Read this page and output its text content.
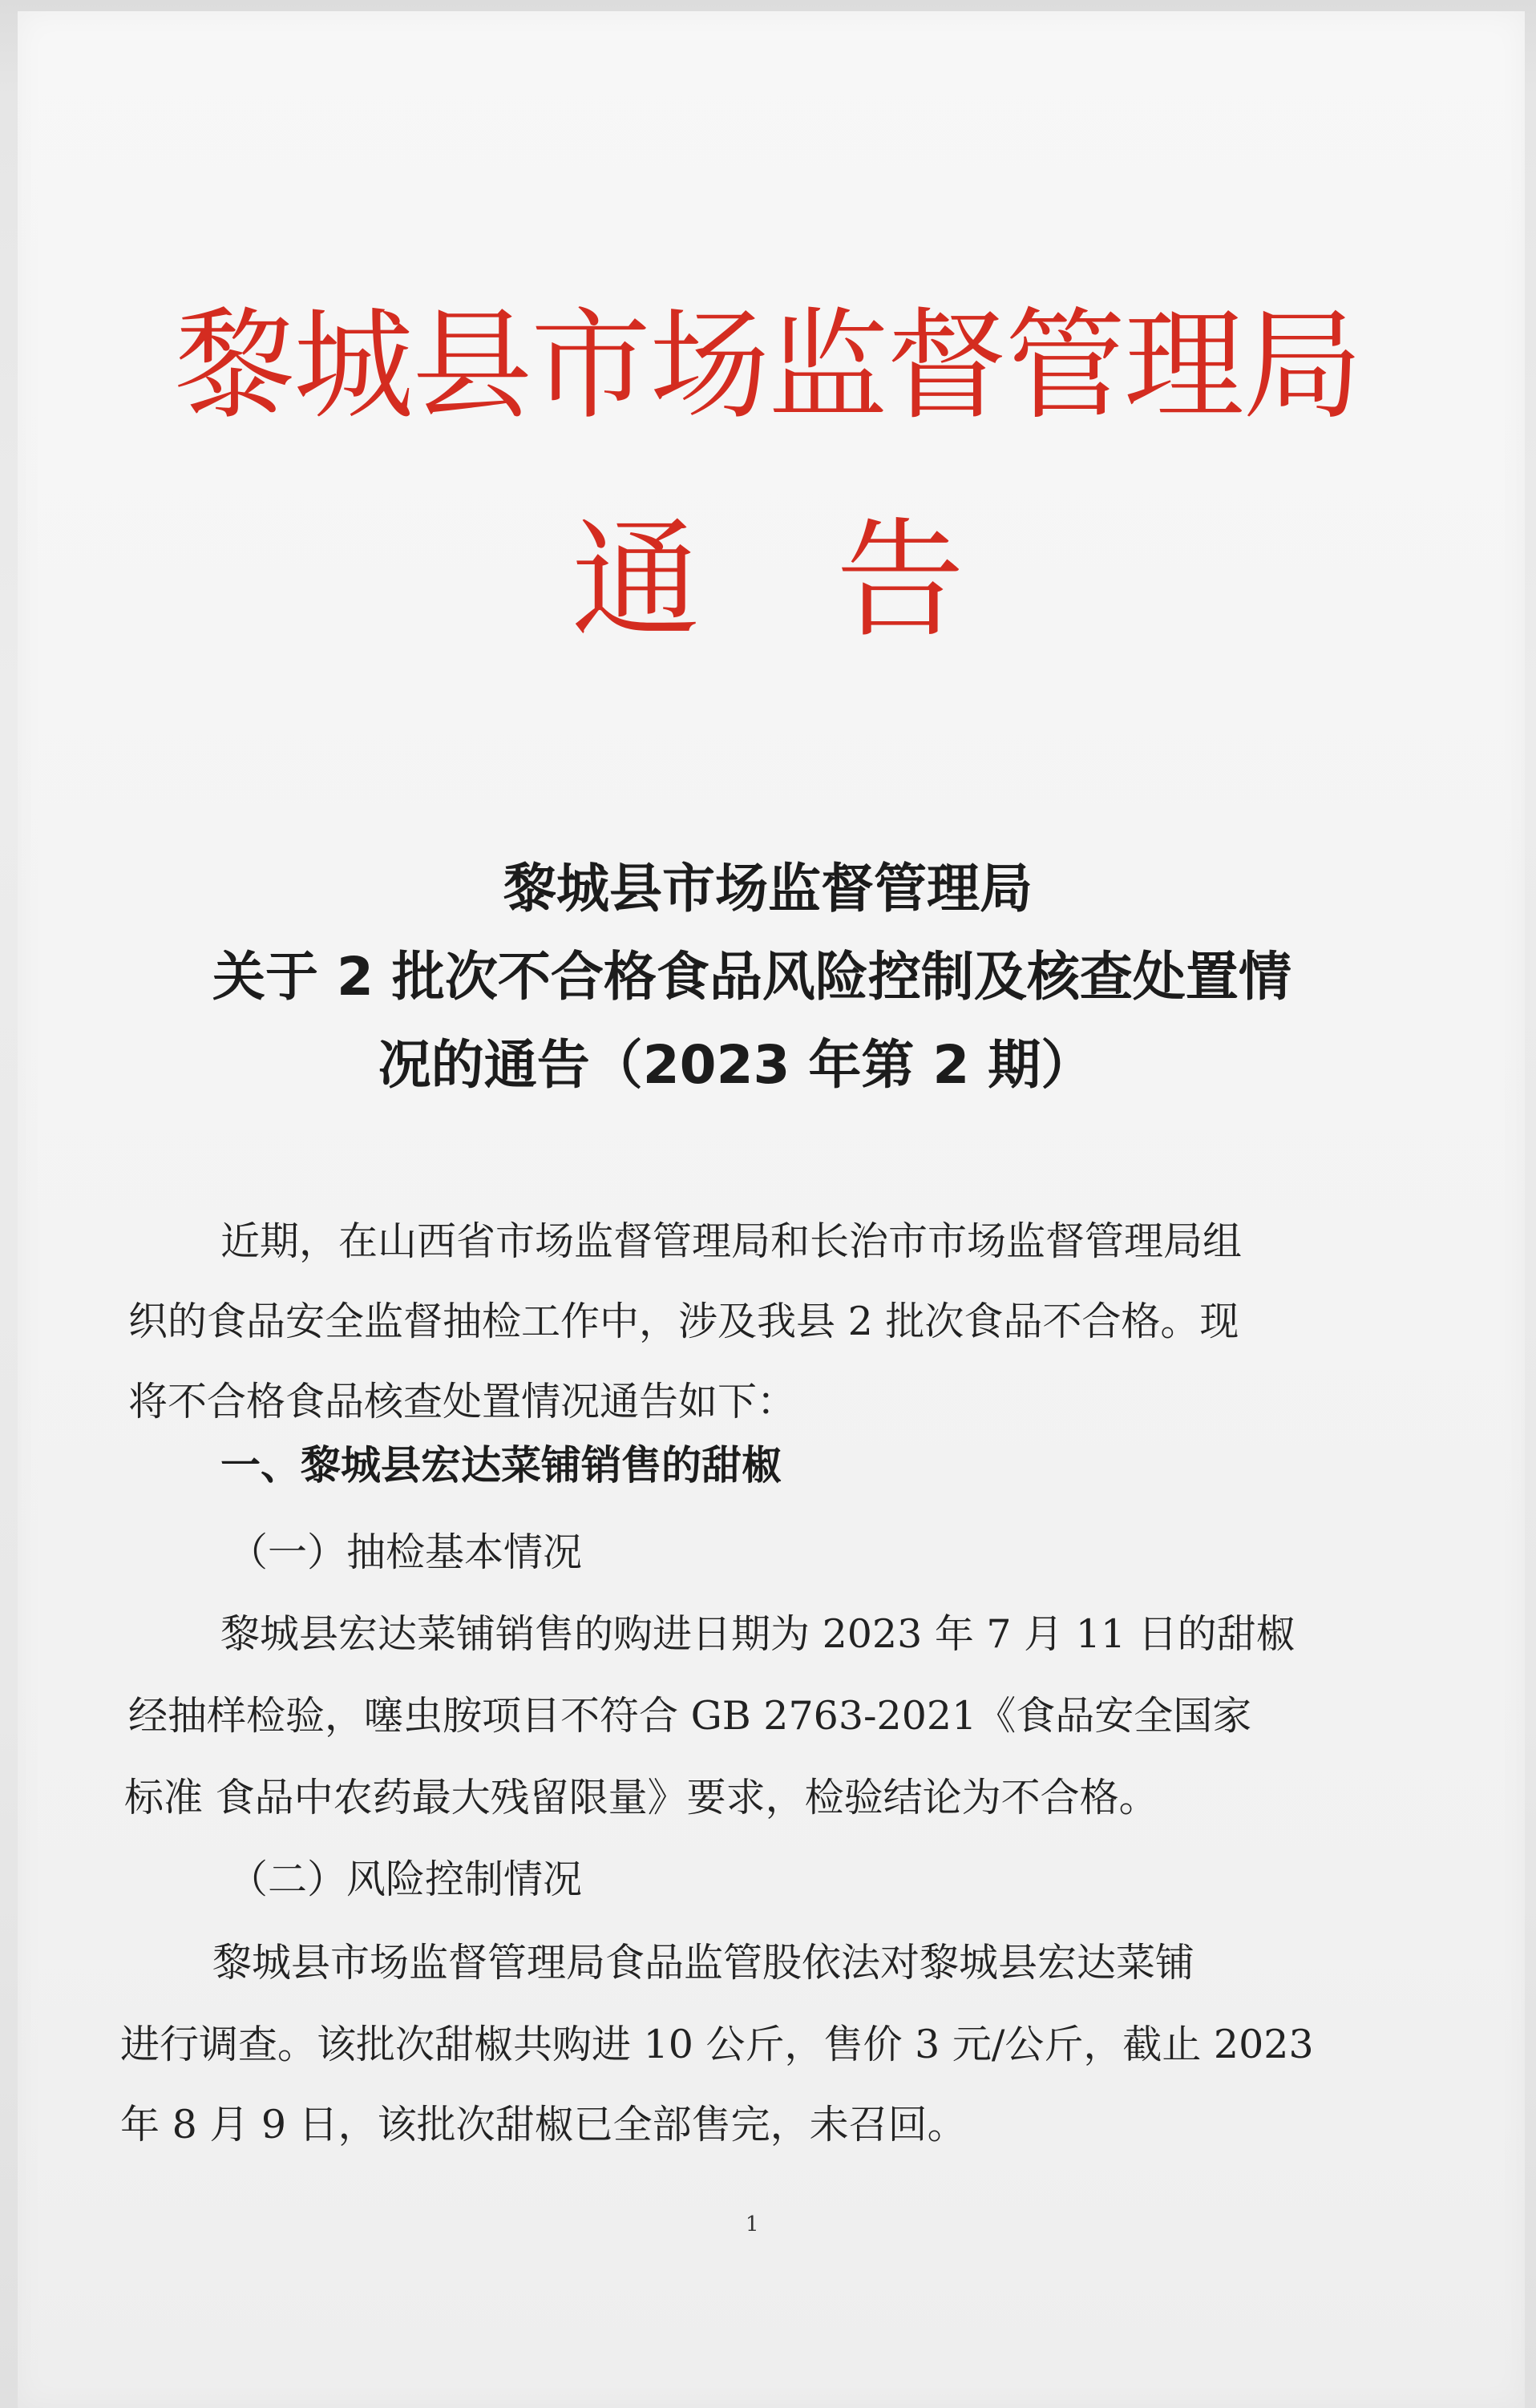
黎城县市场监督管理局
通告
黎城县市场监督管理局
关于 2 批次不合格食品风险控制及核查处置情
况的通告（2023 年第 2 期）
近期，在山西省市场监督管理局和长治市市场监督管理局组
织的食品安全监督抽检工作中，涉及我县 2 批次食品不合格。现
将不合格食品核查处置情况通告如下：
一、黎城县宏达菜铺销售的甜椒
（一）抽检基本情况
黎城县宏达菜铺销售的购进日期为 2023 年 7 月 11 日的甜椒
经抽样检验，噻虫胺项目不符合 GB 2763-2021《食品安全国家
标准 食品中农药最大残留限量》要求，检验结论为不合格。
（二）风险控制情况
黎城县市场监督管理局食品监管股依法对黎城县宏达菜铺
进行调查。该批次甜椒共购进 10 公斤，售价 3 元/公斤，截止 2023
年 8 月 9 日，该批次甜椒已全部售完，未召回。
1
